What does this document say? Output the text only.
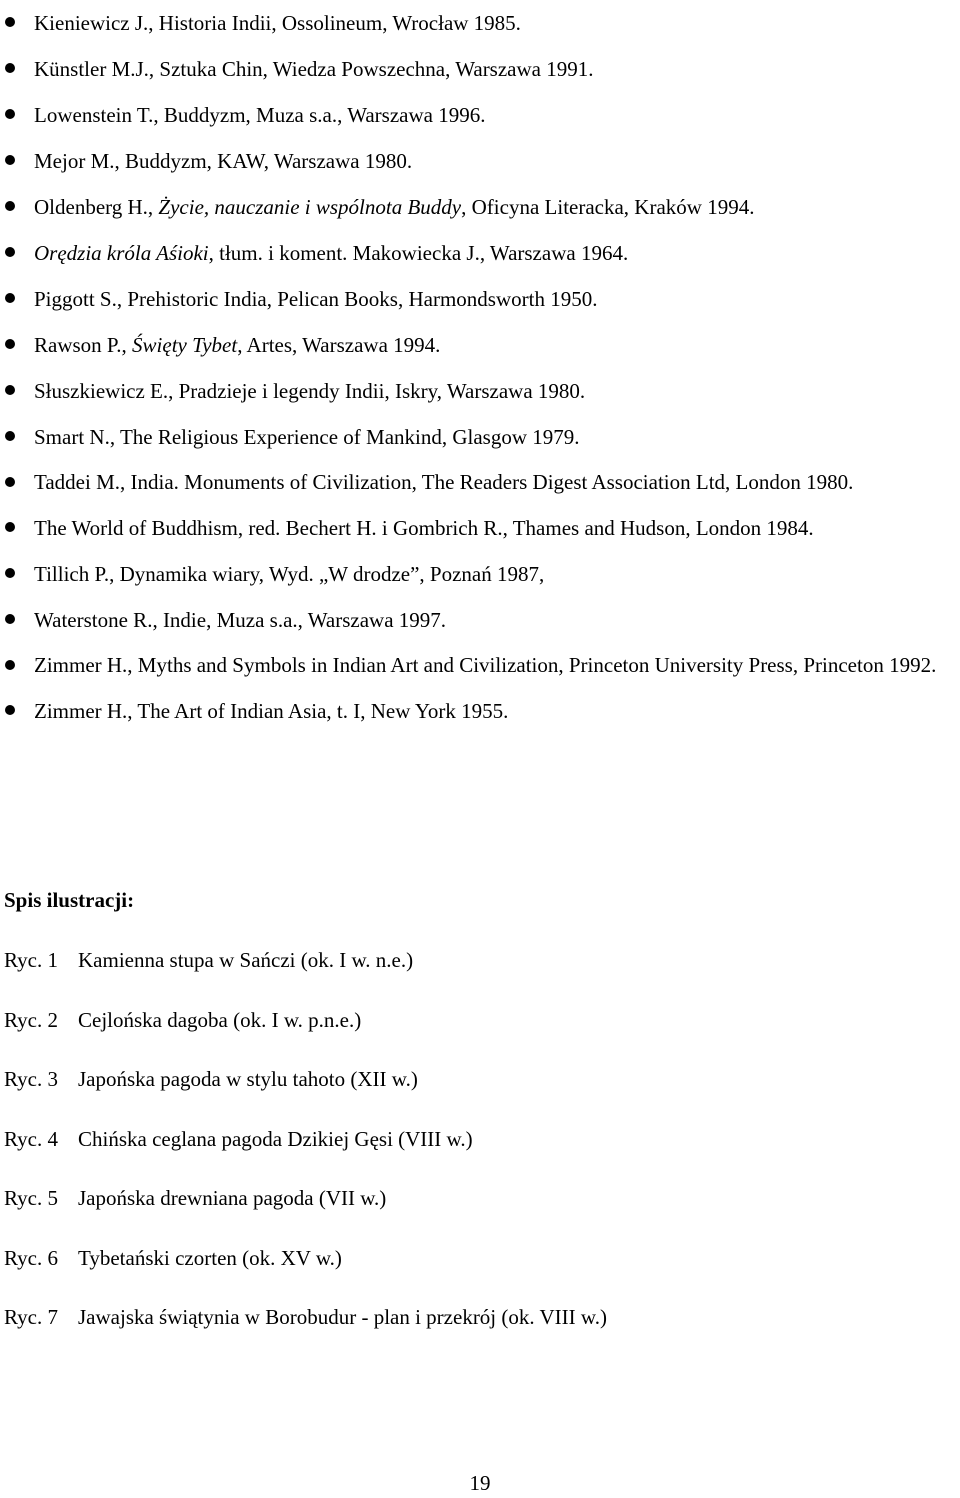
Kieniewicz J., Historia Indii, Ossolineum, Wrocław 1985.
Künstler M.J., Sztuka Chin, Wiedza Powszechna, Warszawa 1991.
Lowenstein T., Buddyzm, Muza s.a., Warszawa 1996.
Mejor M., Buddyzm, KAW, Warszawa 1980.
Oldenberg H., Życie, nauczanie i wspólnota Buddy, Oficyna Literacka, Kraków 1994.
Orędzia króla Aśioki, tłum. i koment. Makowiecka J., Warszawa 1964.
Piggott S., Prehistoric India, Pelican Books, Harmondsworth 1950.
Rawson P., Święty Tybet, Artes, Warszawa 1994.
Słuszkiewicz E., Pradzieje i legendy Indii, Iskry, Warszawa 1980.
Smart N., The Religious Experience of Mankind, Glasgow 1979.
Taddei M., India. Monuments of Civilization, The Readers Digest Association Ltd, London 1980.
The World of Buddhism, red. Bechert H. i Gombrich R., Thames and Hudson, London 1984.
Tillich P., Dynamika wiary, Wyd. „W drodze”, Poznań 1987,
Waterstone R., Indie, Muza s.a., Warszawa 1997.
Zimmer H., Myths and Symbols in Indian Art and Civilization, Princeton University Press, Princeton 1992.
Zimmer H., The Art of Indian Asia, t. I, New York 1955.
Spis ilustracji:
Ryc. 1 Kamienna stupa w Sańczi (ok. I w. n.e.)
Ryc. 2 Cejlońska dagoba (ok. I w. p.n.e.)
Ryc. 3 Japońska pagoda w stylu tahoto (XII w.)
Ryc. 4 Chińska ceglana pagoda Dzikiej Gęsi (VIII w.)
Ryc. 5 Japońska drewniana pagoda (VII w.)
Ryc. 6 Tybetański czorten (ok. XV w.)
Ryc. 7 Jawajska świątynia w Borobudur - plan i przekrój (ok. VIII w.)
19
